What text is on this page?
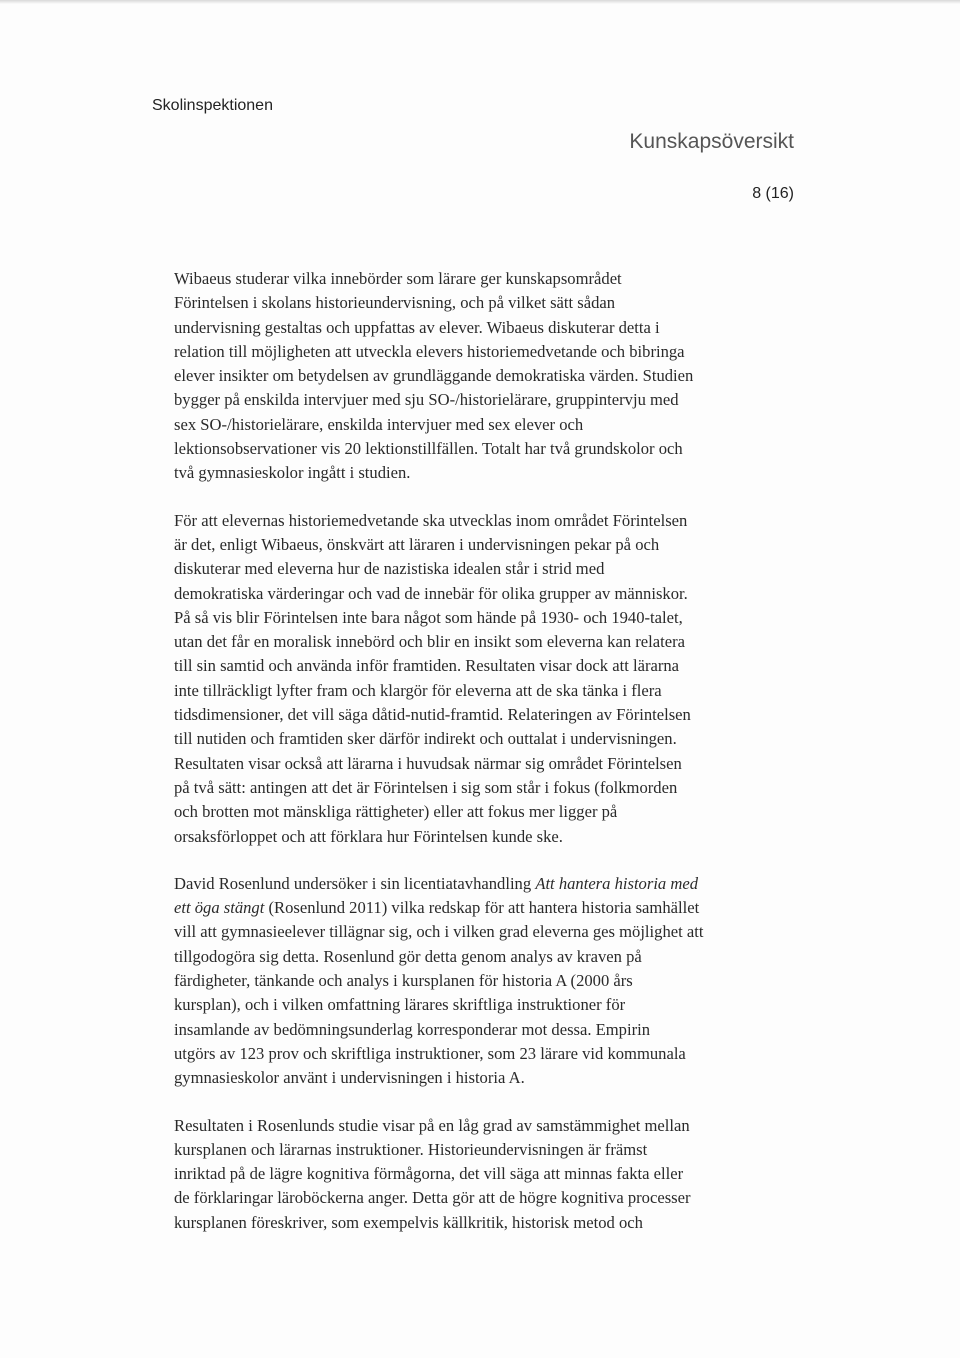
Skolinspektionen
Kunskapsöversikt
8 (16)

Wibaeus studerar vilka innebörder som lärare ger kunskapsområdet
Förintelsen i skolans historieundervisning, och på vilket sätt sådan
undervisning gestaltas och uppfattas av elever. Wibaeus diskuterar detta i
relation till möjligheten att utveckla elevers historiemedvetande och bibringa
elever insikter om betydelsen av grundläggande demokratiska värden. Studien
bygger på enskilda intervjuer med sju SO-/historielärare, gruppintervju med
sex SO-/historielärare, enskilda intervjuer med sex elever och
lektionsobservationer vis 20 lektionstillfällen. Totalt har två grundskolor och
två gymnasieskolor ingått i studien.

För att elevernas historiemedvetande ska utvecklas inom området Förintelsen
är det, enligt Wibaeus, önskvärt att läraren i undervisningen pekar på och
diskuterar med eleverna hur de nazistiska idealen står i strid med
demokratiska värderingar och vad de innebär för olika grupper av människor.
På så vis blir Förintelsen inte bara något som hände på 1930- och 1940-talet,
utan det får en moralisk innebörd och blir en insikt som eleverna kan relatera
till sin samtid och använda inför framtiden. Resultaten visar dock att lärarna
inte tillräckligt lyfter fram och klargör för eleverna att de ska tänka i flera
tidsdimensioner, det vill säga dåtid-nutid-framtid. Relateringen av Förintelsen
till nutiden och framtiden sker därför indirekt och outtalat i undervisningen.
Resultaten visar också att lärarna i huvudsak närmar sig området Förintelsen
på två sätt: antingen att det är Förintelsen i sig som står i fokus (folkmorden
och brotten mot mänskliga rättigheter) eller att fokus mer ligger på
orsaksförloppet och att förklara hur Förintelsen kunde ske.

David Rosenlund undersöker i sin licentiatavhandling Att hantera historia med
ett öga stängt (Rosenlund 2011) vilka redskap för att hantera historia samhället
vill att gymnasieelever tillägnar sig, och i vilken grad eleverna ges möjlighet att
tillgodogöra sig detta. Rosenlund gör detta genom analys av kraven på
färdigheter, tänkande och analys i kursplanen för historia A (2000 års
kursplan), och i vilken omfattning lärares skriftliga instruktioner för
insamlande av bedömningsunderlag korresponderar mot dessa. Empirin
utgörs av 123 prov och skriftliga instruktioner, som 23 lärare vid kommunala
gymnasieskolor använt i undervisningen i historia A.

Resultaten i Rosenlunds studie visar på en låg grad av samstämmighet mellan
kursplanen och lärarnas instruktioner. Historieundervisningen är främst
inriktad på de lägre kognitiva förmågorna, det vill säga att minnas fakta eller
de förklaringar läroböckerna anger. Detta gör att de högre kognitiva processer
kursplanen föreskriver, som exempelvis källkritik, historisk metod och
